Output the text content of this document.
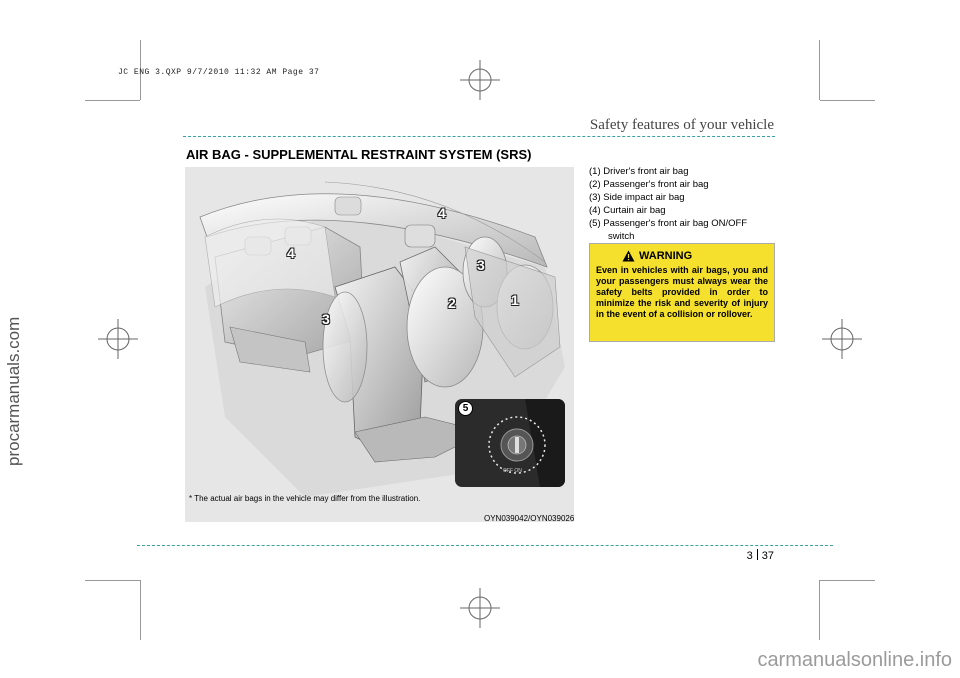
JC ENG 3.QXP 9/7/2010 11:32 AM Page 37
procarmanuals.com
carmanualsonline.info
Safety features of your vehicle
AIR BAG - SUPPLEMENTAL RESTRAINT SYSTEM (SRS)
4
4
3
3
2	1
OFF ON
5
* The actual air bags in the vehicle may differ from the illustration.
OYN039042/OYN039026
(1) Driver's front air bag
(2) Passenger's front air bag
(3) Side impact air bag
(4) Curtain air bag
(5) Passenger's front air bag ON/OFF
switch
WARNING
Even in vehicles with air bags, you and your passengers must always wear the safety belts provided in order to minimize the risk and severity of injury in the event of a collision or rollover.
3 37
